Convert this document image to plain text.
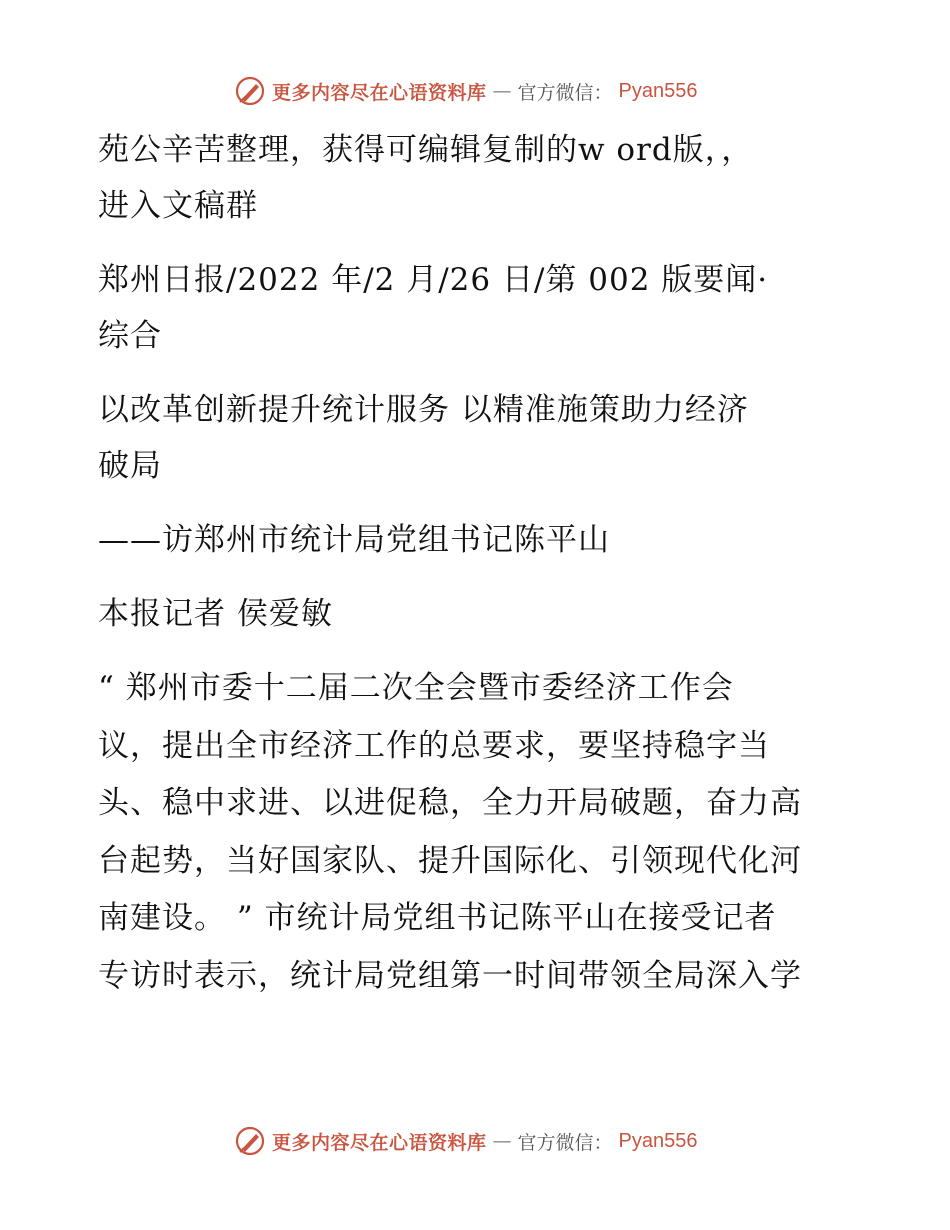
更多内容尽在心语资料库 — 官方微信： Pyan556

苑公辛苦整理，获得可编辑复制的w ord版，，
进入文稿群

郑州日报/2022 年/2 月/26 日/第 002 版要闻·
综合

以改革创新提升统计服务 以精准施策助力经济
破局

——访郑州市统计局党组书记陈平山

本报记者 侯爱敏

“ 郑州市委十二届二次全会暨市委经济工作会
议，提出全市经济工作的总要求，要坚持稳字当
头、稳中求进、以进促稳，全力开局破题，奋力高
台起势，当好国家队、提升国际化、引领现代化河
南建设。 ” 市统计局党组书记陈平山在接受记者
专访时表示，统计局党组第一时间带领全局深入学

更多内容尽在心语资料库 — 官方微信： Pyan556
